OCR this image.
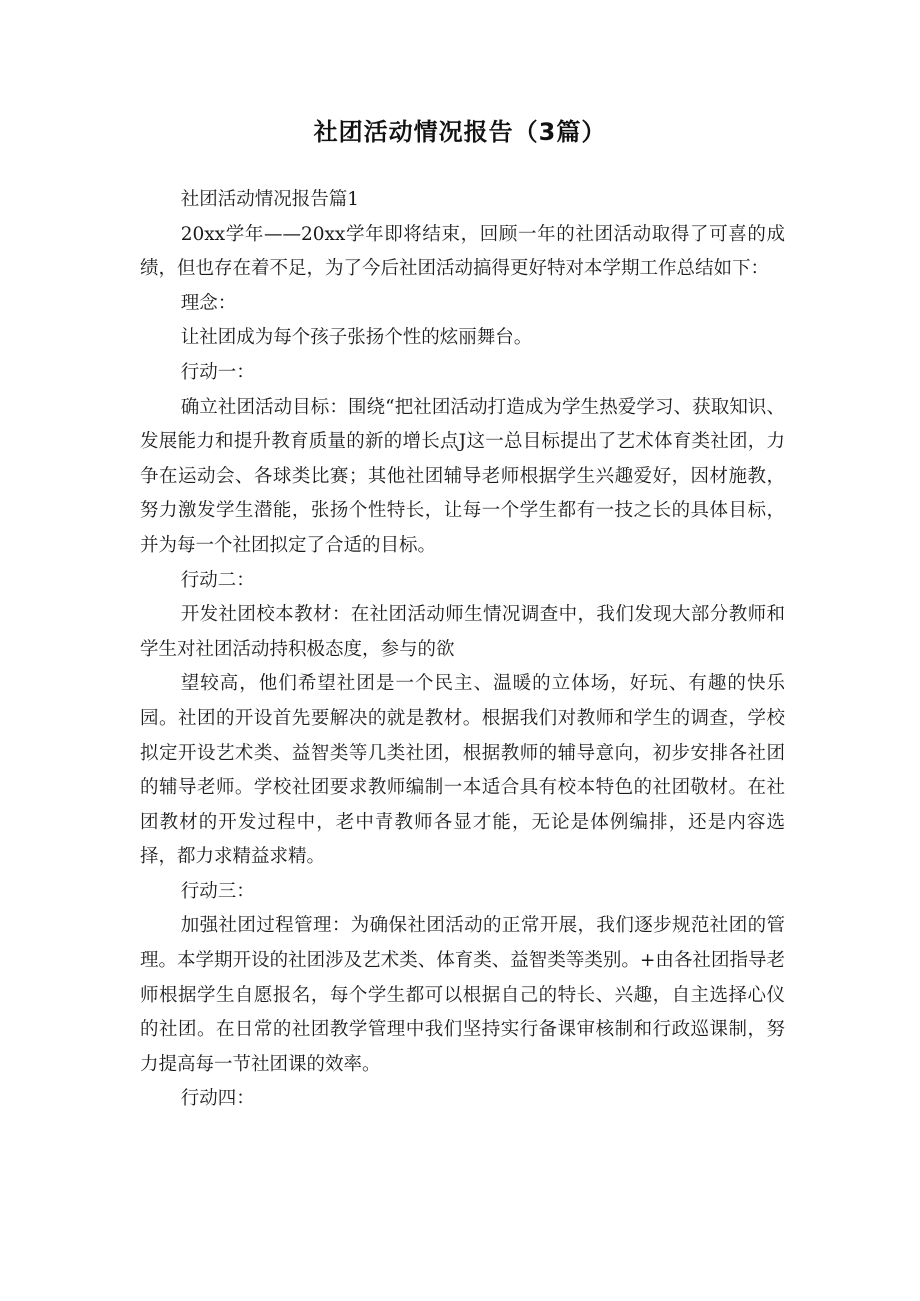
社团活动情况报告（3篇）

社团活动情况报告篇1

20xx学年——20xx学年即将结束，回顾一年的社团活动取得了可喜的成绩，但也存在着不足，为了今后社团活动搞得更好特对本学期工作总结如下：

理念：

让社团成为每个孩子张扬个性的炫丽舞台。

行动一：

确立社团活动目标：围绕“把社团活动打造成为学生热爱学习、获取知识、发展能力和提升教育质量的新的增长点J这一总目标提出了艺术体育类社团，力争在运动会、各球类比赛；其他社团辅导老师根据学生兴趣爱好，因材施教，努力激发学生潜能，张扬个性特长，让每一个学生都有一技之长的具体目标，并为每一个社团拟定了合适的目标。

行动二：

开发社团校本教材：在社团活动师生情况调查中，我们发现大部分教师和学生对社团活动持积极态度，参与的欲

望较高，他们希望社团是一个民主、温暖的立体场，好玩、有趣的快乐园。社团的开设首先要解决的就是教材。根据我们对教师和学生的调查，学校拟定开设艺术类、益智类等几类社团，根据教师的辅导意向，初步安排各社团的辅导老师。学校社团要求教师编制一本适合具有校本特色的社团敬材。在社团教材的开发过程中，老中青教师各显才能，无论是体例编排，还是内容选择，都力求精益求精。

行动三：

加强社团过程管理：为确保社团活动的正常开展，我们逐步规范社团的管理。本学期开设的社团涉及艺术类、体育类、益智类等类别。+由各社团指导老师根据学生自愿报名，每个学生都可以根据自己的特长、兴趣，自主选择心仪的社团。在日常的社团教学管理中我们坚持实行备课审核制和行政巡课制，努力提高每一节社团课的效率。

行动四：
